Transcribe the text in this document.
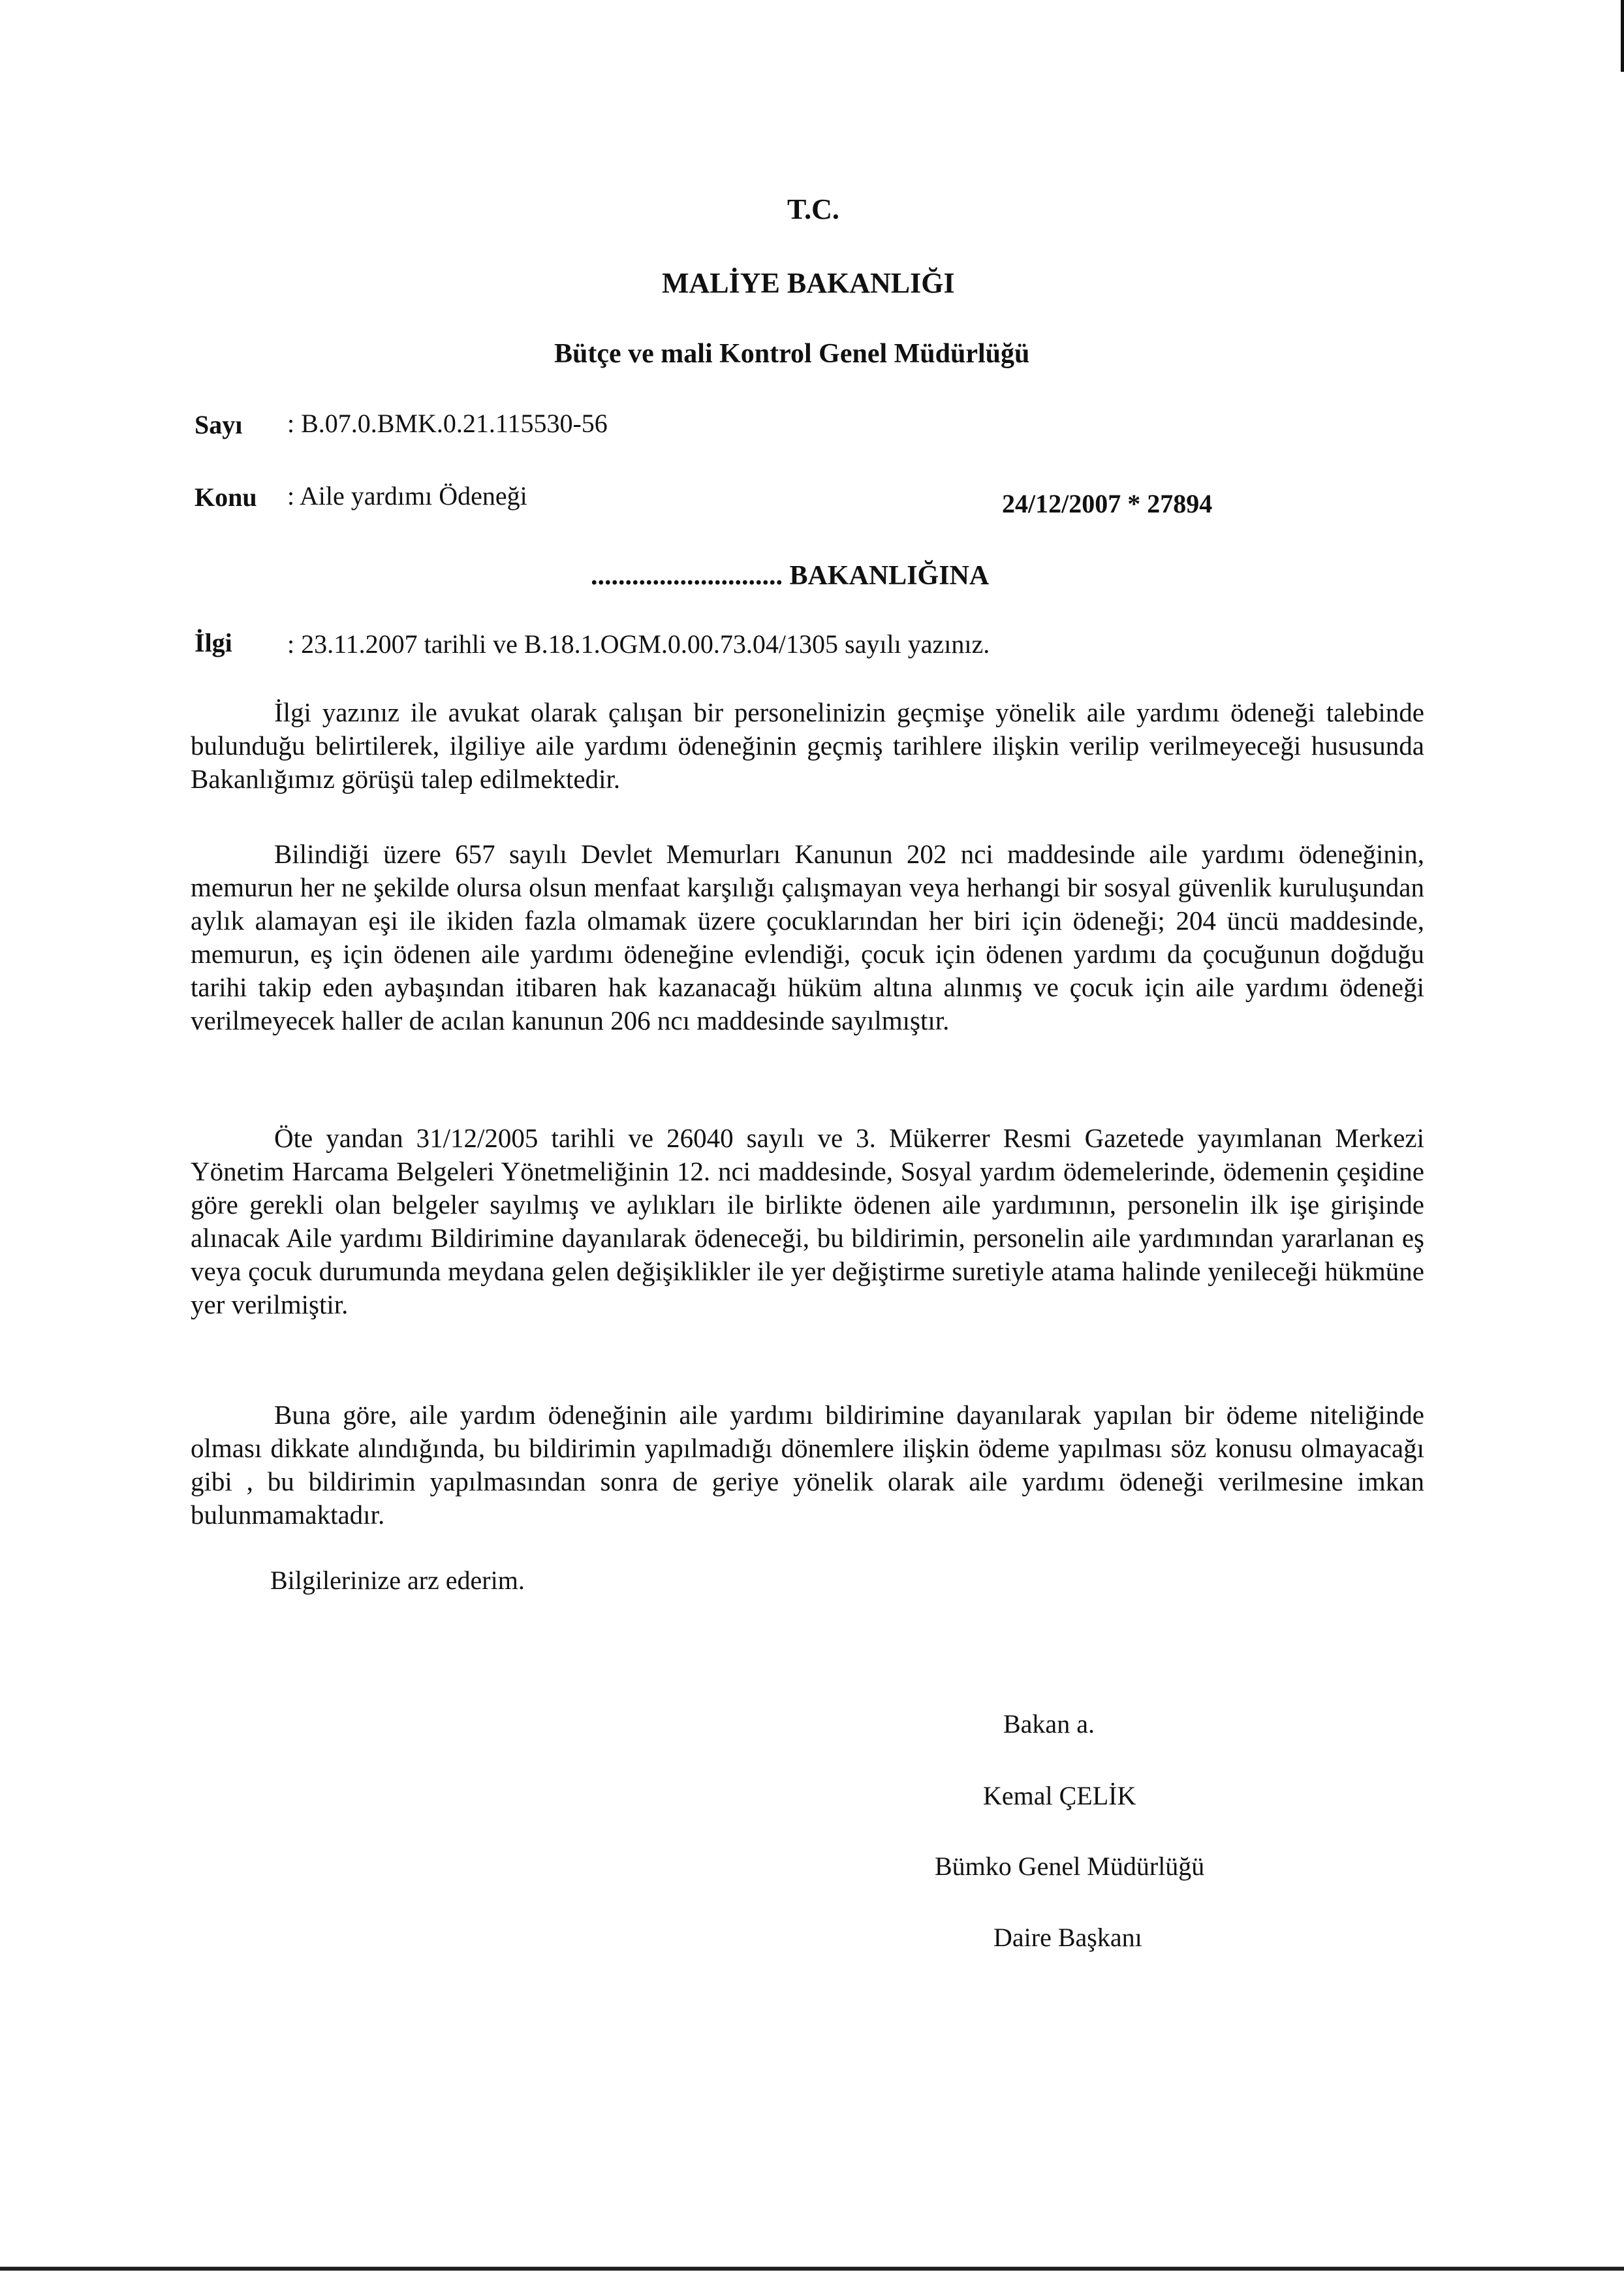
T.C.

MALİYE BAKANLIĞI

Bütçe ve mali Kontrol Genel Müdürlüğü

Sayı : B.07.0.BMK.0.21.115530-56

Konu : Aile yardımı Ödeneği	24/12/2007 * 27894

............................ BAKANLIĞINA

İlgi : 23.11.2007 tarihli ve B.18.1.OGM.0.00.73.04/1305 sayılı yazınız.

İlgi yazınız ile avukat olarak çalışan bir personelinizin geçmişe yönelik aile yardımı ödeneği talebinde bulunduğu belirtilerek, ilgiliye aile yardımı ödeneğinin geçmiş tarihlere ilişkin verilip verilmeyeceği hususunda Bakanlığımız görüşü talep edilmektedir.

Bilindiği üzere 657 sayılı Devlet Memurları Kanunun 202 nci maddesinde aile yardımı ödeneğinin, memurun her ne şekilde olursa olsun menfaat karşılığı çalışmayan veya herhangi bir sosyal güvenlik kuruluşundan aylık alamayan eşi ile ikiden fazla olmamak üzere çocuklarından her biri için ödeneği; 204 üncü maddesinde, memurun, eş için ödenen aile yardımı ödeneğine evlendiği, çocuk için ödenen yardımı da çocuğunun doğduğu tarihi takip eden aybaşından itibaren hak kazanacağı hüküm altına alınmış ve çocuk için aile yardımı ödeneği verilmeyecek haller de acılan kanunun 206 ncı maddesinde sayılmıştır.

Öte yandan 31/12/2005 tarihli ve 26040 sayılı ve 3. Mükerrer Resmi Gazetede yayımlanan Merkezi Yönetim Harcama Belgeleri Yönetmeliğinin 12. nci maddesinde, Sosyal yardım ödemelerinde, ödemenin çeşidine göre gerekli olan belgeler sayılmış ve aylıkları ile birlikte ödenen aile yardımının, personelin ilk işe girişinde alınacak Aile yardımı Bildirimine dayanılarak ödeneceği, bu bildirimin, personelin aile yardımından yararlanan eş veya çocuk durumunda meydana gelen değişiklikler ile yer değiştirme suretiyle atama halinde yenileceği hükmüne yer verilmiştir.

Buna göre, aile yardım ödeneğinin aile yardımı bildirimine dayanılarak yapılan bir ödeme niteliğinde olması dikkate alındığında, bu bildirimin yapılmadığı dönemlere ilişkin ödeme yapılması söz konusu olmayacağı gibi , bu bildirimin yapılmasından sonra de geriye yönelik olarak aile yardımı ödeneği verilmesine imkan bulunmamaktadır.

Bilgilerinize arz ederim.

Bakan a.

Kemal ÇELİK

Bümko Genel Müdürlüğü

Daire Başkanı
